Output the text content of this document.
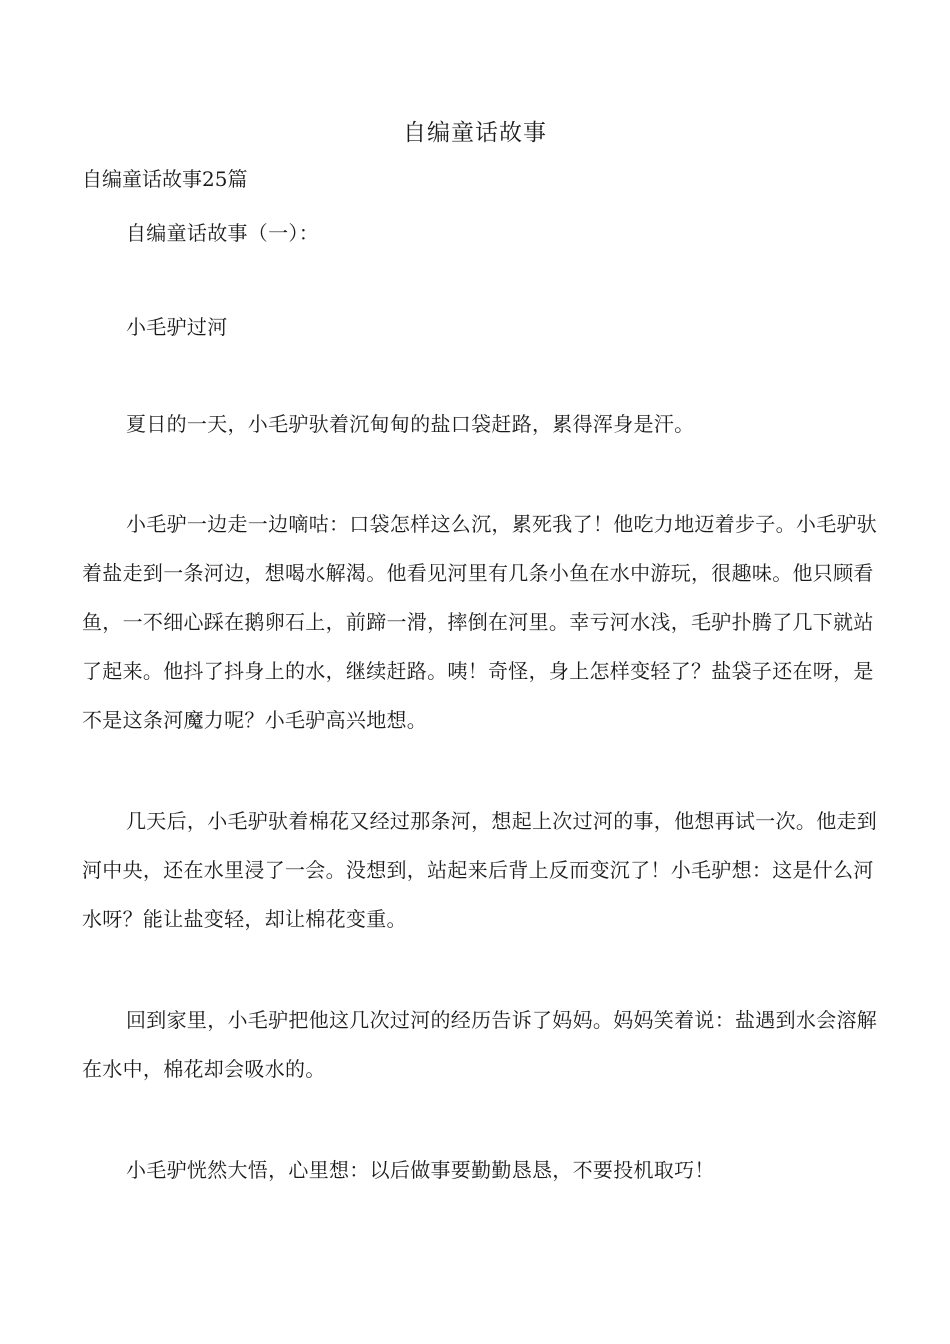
自编童话故事
自编童话故事25篇
自编童话故事（一）：
小毛驴过河
夏日的一天，小毛驴驮着沉甸甸的盐口袋赶路，累得浑身是汗。
小毛驴一边走一边嘀咕：口袋怎样这么沉，累死我了！他吃力地迈着步子。小毛驴驮着盐走到一条河边，想喝水解渴。他看见河里有几条小鱼在水中游玩，很趣味。他只顾看鱼，一不细心踩在鹅卵石上，前蹄一滑，摔倒在河里。幸亏河水浅，毛驴扑腾了几下就站了起来。他抖了抖身上的水，继续赶路。咦！奇怪，身上怎样变轻了？盐袋子还在呀，是不是这条河魔力呢？小毛驴高兴地想。
几天后，小毛驴驮着棉花又经过那条河，想起上次过河的事，他想再试一次。他走到河中央，还在水里浸了一会。没想到，站起来后背上反而变沉了！小毛驴想：这是什么河水呀？能让盐变轻，却让棉花变重。
回到家里，小毛驴把他这几次过河的经历告诉了妈妈。妈妈笑着说：盐遇到水会溶解在水中，棉花却会吸水的。
小毛驴恍然大悟，心里想：以后做事要勤勤恳恳，不要投机取巧！
